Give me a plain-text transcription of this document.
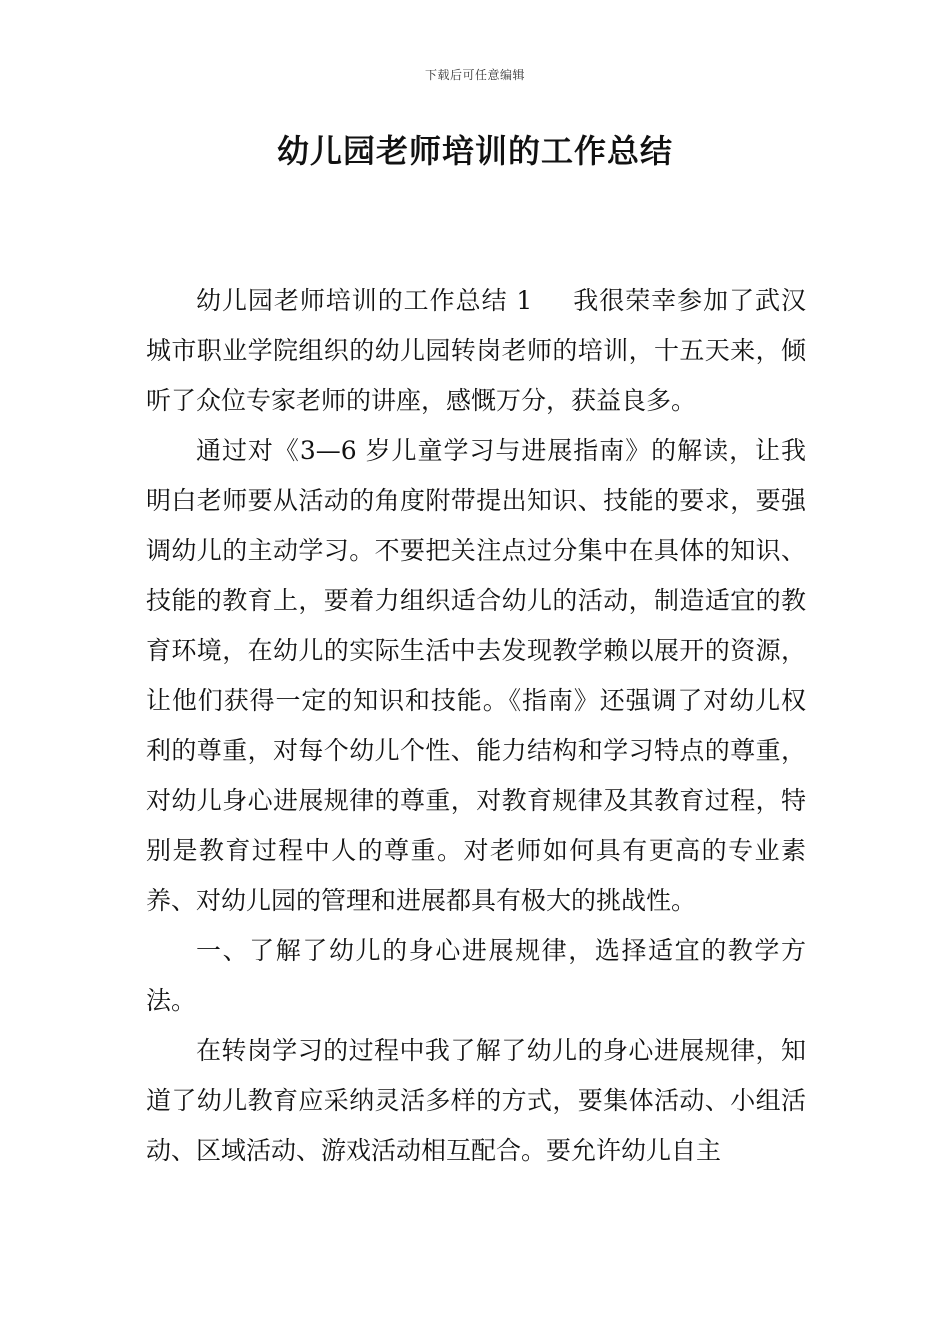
下载后可任意编辑
幼儿园老师培训的工作总结

幼儿园老师培训的工作总结 1 我很荣幸参加了武汉城市职业学院组织的幼儿园转岗老师的培训，十五天来，倾听了众位专家老师的讲座，感慨万分，获益良多。

通过对《3—6 岁儿童学习与进展指南》的解读，让我明白老师要从活动的角度附带提出知识、技能的要求，要强调幼儿的主动学习。不要把关注点过分集中在具体的知识、技能的教育上，要着力组织适合幼儿的活动，制造适宜的教育环境，在幼儿的实际生活中去发现教学赖以展开的资源，让他们获得一定的知识和技能。《指南》还强调了对幼儿权利的尊重，对每个幼儿个性、能力结构和学习特点的尊重，对幼儿身心进展规律的尊重，对教育规律及其教育过程，特别是教育过程中人的尊重。对老师如何具有更高的专业素养、对幼儿园的管理和进展都具有极大的挑战性。

一、了解了幼儿的身心进展规律，选择适宜的教学方法。

在转岗学习的过程中我了解了幼儿的身心进展规律，知道了幼儿教育应采纳灵活多样的方式，要集体活动、小组活动、区域活动、游戏活动相互配合。要允许幼儿自主
